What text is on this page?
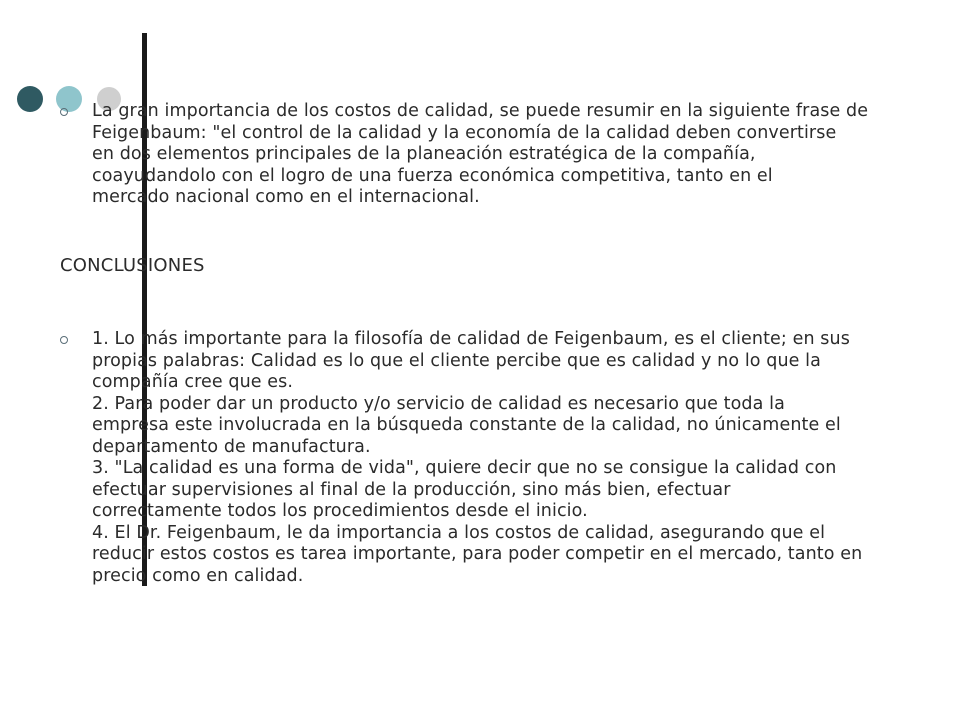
La gran importancia de los costos de calidad, se puede resumir en la siguiente frase de
Feigenbaum: "el control de la calidad y la economía de la calidad deben convertirse
en dos elementos principales de la planeación estratégica de la compañía,
coayudandolo con el logro de una fuerza económica competitiva, tanto en el
mercado nacional como en el internacional.
CONCLUSIONES
1. Lo más importante para la filosofía de calidad de Feigenbaum, es el cliente; en sus
propias palabras: Calidad es lo que el cliente percibe que es calidad y no lo que la
compañía cree que es.
2. Para poder dar un producto y/o servicio de calidad es necesario que toda la
empresa este involucrada en la búsqueda constante de la calidad, no únicamente el
departamento de manufactura.
3. "La calidad es una forma de vida", quiere decir que no se consigue la calidad con
efectuar supervisiones al final de la producción, sino más bien, efectuar
correctamente todos los procedimientos desde el inicio.
4. El Dr. Feigenbaum, le da importancia a los costos de calidad, asegurando que el
reducir estos costos es tarea importante, para poder competir en el mercado, tanto en
precio como en calidad.
